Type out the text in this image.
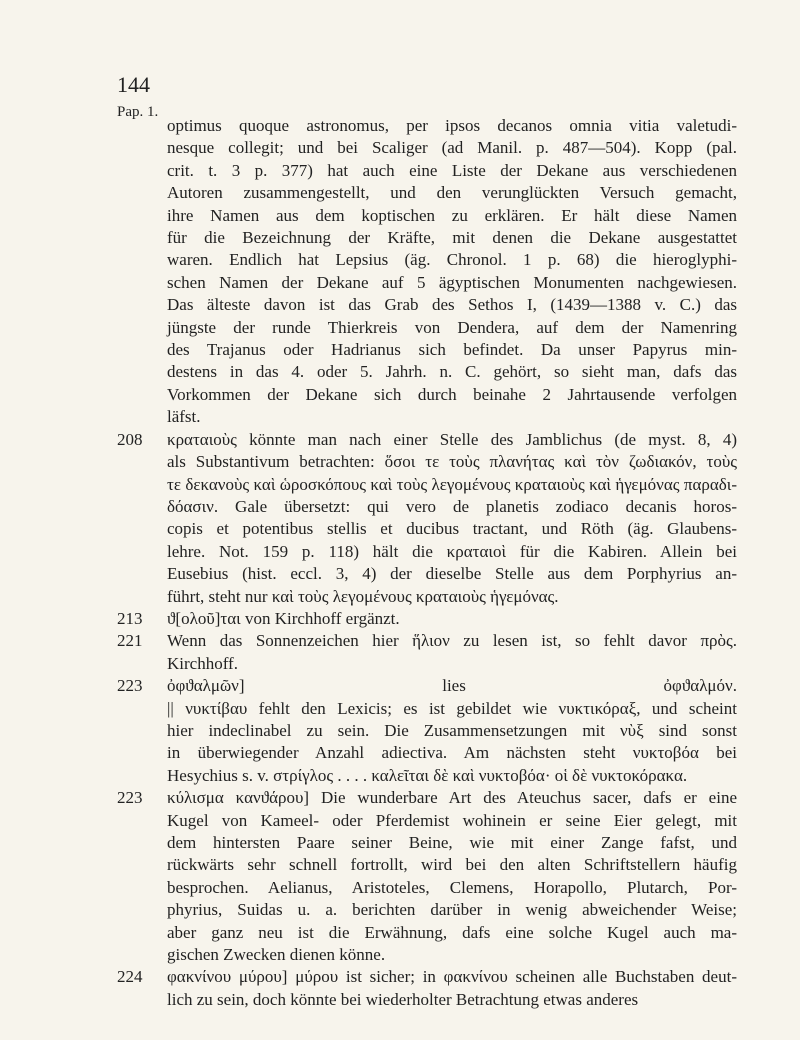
144
Pap. 1.
optimus quoque astronomus, per ipsos decanos omnia vitia valetudi-
nesque collegit; und bei Scaliger (ad Manil. p. 487—504). Kopp (pal.
crit. t. 3 p. 377) hat auch eine Liste der Dekane aus verschiedenen
Autoren zusammengestellt, und den verunglückten Versuch gemacht,
ihre Namen aus dem koptischen zu erklären. Er hält diese Namen
für die Bezeichnung der Kräfte, mit denen die Dekane ausgestattet
waren. Endlich hat Lepsius (äg. Chronol. 1 p. 68) die hieroglyphi-
schen Namen der Dekane auf 5 ägyptischen Monumenten nachgewiesen.
Das älteste davon ist das Grab des Sethos I, (1439—1388 v. C.) das
jüngste der runde Thierkreis von Dendera, auf dem der Namenring
des Trajanus oder Hadrianus sich befindet. Da unser Papyrus min-
destens in das 4. oder 5. Jahrh. n. C. gehört, so sieht man, dafs das
Vorkommen der Dekane sich durch beinahe 2 Jahrtausende verfolgen
läfst.
208	κραταιοὺς könnte man nach einer Stelle des Jamblichus (de myst. 8, 4)
als Substantivum betrachten: ὅσοι τε τοὺς πλανήτας καὶ τὸν ζωδιακόν, τοὺς
τε δεκανοὺς καὶ ὡροσκόπους καὶ τοὺς λεγομένους κραταιοὺς καὶ ἡγεμόνας παραδι-
δόασιν. Gale übersetzt: qui vero de planetis zodiaco decanis horos-
copis et potentibus stellis et ducibus tractant, und Röth (äg. Glaubens-
lehre. Not. 159 p. 118) hält die κραταιοὶ für die Kabiren. Allein bei
Eusebius (hist. eccl. 3, 4) der dieselbe Stelle aus dem Porphyrius an-
führt, steht nur καὶ τοὺς λεγομένους κραταιοὺς ἡγεμόνας.
213	ϑ[ολοῦ]ται von Kirchhoff ergänzt.
221	Wenn das Sonnenzeichen hier ἥλιον zu lesen ist, so fehlt davor πρὸς.
Kirchhoff.
223	ὀφϑαλμῶν] lies ὀφϑαλμόν.
|| νυκτίβαυ fehlt den Lexicis; es ist gebildet wie νυκτικόραξ, und scheint
hier indeclinabel zu sein. Die Zusammensetzungen mit νὺξ sind sonst
in überwiegender Anzahl adiectiva. Am nächsten steht νυκτοβόα bei
Hesychius s. v. στρίγλος . . . . καλεῖται δὲ καὶ νυκτοβόα· οἱ δὲ νυκτοκόρακα.
223	κύλισμα κανϑάρου] Die wunderbare Art des Ateuchus sacer, dafs er eine
Kugel von Kameel- oder Pferdemist wohinein er seine Eier gelegt, mit
dem hintersten Paare seiner Beine, wie mit einer Zange fafst, und
rückwärts sehr schnell fortrollt, wird bei den alten Schriftstellern häufig
besprochen. Aelianus, Aristoteles, Clemens, Horapollo, Plutarch, Por-
phyrius, Suidas u. a. berichten darüber in wenig abweichender Weise;
aber ganz neu ist die Erwähnung, dafs eine solche Kugel auch ma-
gischen Zwecken dienen könne.
224	φακνίνου μύρου] μύρου ist sicher; in φακνίνου scheinen alle Buchstaben deut-
lich zu sein, doch könnte bei wiederholter Betrachtung etwas anderes
